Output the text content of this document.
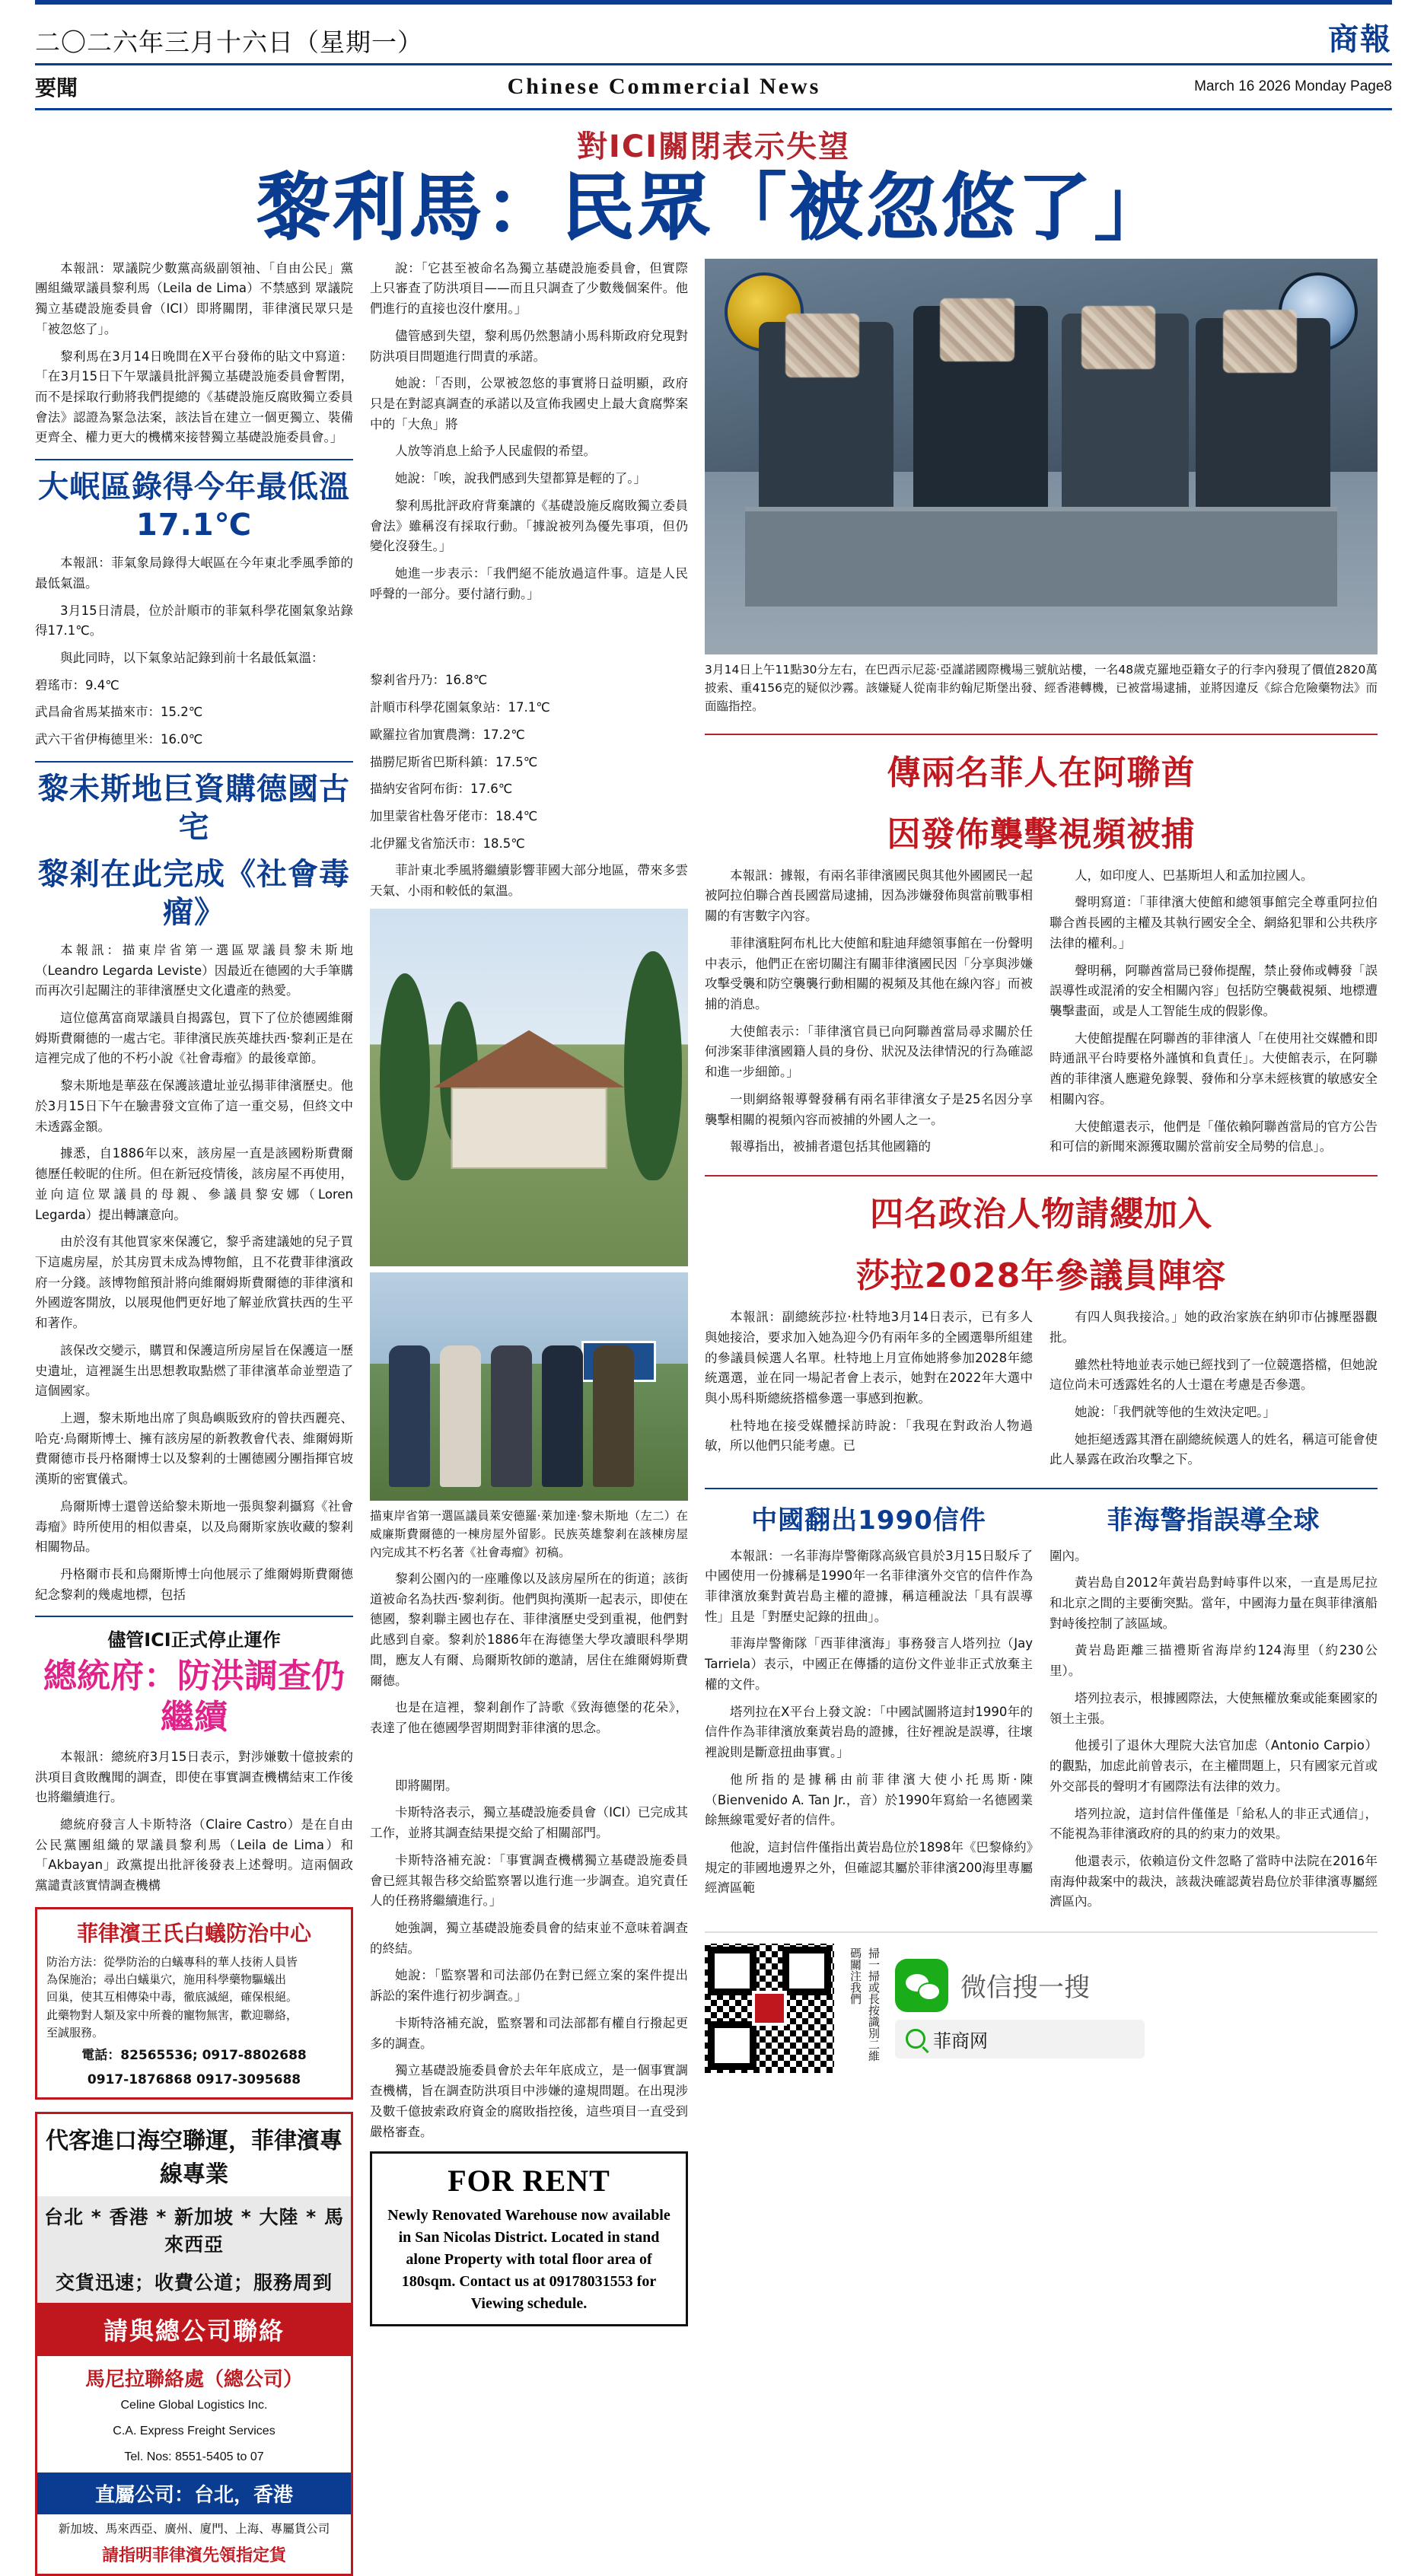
二〇二六年三月十六日（星期一）	商報
要聞	Chinese Commercial News	March 16 2026 Monday Page8
對ICI關閉表示失望
黎利馬：民眾「被忽悠了」

本報訊：眾議院少數黨高級副領袖、「自由公民」黨團組織眾議員黎利馬（Leila de Lima）不禁感到 眾議院獨立基礎設施委員會（ICI）即將關閉，菲律濱民眾只是「被忽悠了」。

黎利馬在3月14日晚間在X平台發佈的貼文中寫道：「在3月15日下午眾議員批評獨立基礎設施委員會暫閉，而不是採取行動將我們提總的《基礎設施反腐敗獨立委員會法》認證為緊急法案，該法旨在建立一個更獨立、裝備更齊全、權力更大的機構來接替獨立基礎設施委員會。」

大岷區錄得今年最低溫17.1℃

本報訊：菲氣象局錄得大岷區在今年東北季風季節的最低氣溫。

3月15日清晨，位於計順市的菲氣科學花園氣象站錄得17.1℃。

與此同時，以下氣象站記錄到前十名最低氣溫：

碧瑤市：9.4℃

武昌侖省馬某描來市：15.2℃

武六干省伊梅德里米：16.0℃

黎未斯地巨資購德國古宅
黎剎在此完成《社會毒瘤》

本報訊：描東岸省第一選區眾議員黎未斯地（Leandro Legarda Leviste）因最近在德國的大手筆購而再次引起關注的菲律濱歷史文化遺產的熱愛。

這位億萬富商眾議員自揭露包，買下了位於德國維爾姆斯費爾德的一處古宅。菲律濱民族英雄扶西‧黎剎正是在這裡完成了他的不朽小說《社會毒瘤》的最後章節。

黎未斯地是華茲在保護該遺址並弘揚菲律濱歷史。他於3月15日下午在驗書發文宣佈了這一重交易，但終文中未透露金額。

據悉，自1886年以來，該房屋一直是該國粉斯費爾德歷任較昵的住所。但在新冠疫情後，該房屋不再使用，並向這位眾議員的母親、參議員黎安娜（Loren Legarda）提出轉讓意向。

由於沒有其他買家來保護它，黎乎斋建議她的兒子買下這處房屋，於其房買未成為博物館，且不花費菲律濱政府一分錢。該博物館預計將向維爾姆斯費爾德的菲律濱和外國遊客開放，以展現他們更好地了解並欣賞扶西的生平和著作。

該保改交變示，購買和保護這所房屋旨在保護這一歷史遺址，這裡誕生出思想教取點燃了菲律濱革命並塑造了這個國家。

上週，黎未斯地出席了與島嶼販致府的曾扶西麗亮、哈克‧烏爾斯博士、擁有該房屋的新教教會代表、維爾姆斯費爾德市長丹格爾博士以及黎剎的士團德國分團指揮官坡漢斯的密實儀式。

烏爾斯博士還曾送給黎未斯地一張與黎剎攝寫《社會毒瘤》時所使用的相似書桌，以及烏爾斯家族收藏的黎剎相關物品。

丹格爾市長和烏爾斯博士向他展示了維爾姆斯費爾德紀念黎剎的幾處地標，包括

儘管ICI正式停止運作
總統府：防洪調查仍繼續

本報訊：總統府3月15日表示，對涉嫌數十億披索的洪項目貪敗醜聞的調查，即使在事實調查機構結束工作後也將繼續進行。

總統府發言人卡斯特洛（Claire Castro）是在自由公民黨團組織的眾議員黎利馬（Leila de Lima）和「Akbayan」政黨提出批評後發表上述聲明。這兩個政黨譴責該實情調查機構

菲律濱王氏白蟻防治中心
防治方法：從學防治的白蟻專科的華人技術人員皆
為保施治；尋出白蟻巢穴，施用科學藥物驅蟻出
回巢，使其互相傳染中毒，徹底滅絕，確保根絕。
此藥物對人類及家中所養的寵物無害，歡迎聯絡，
至誠服務。
電話：82565536; 0917-8802688
0917-1876868 0917-3095688
代客進口海空聯運，菲律濱專線專業
台北 * 香港 * 新加坡 * 大陸 * 馬來西亞
交貨迅速；收費公道；服務周到
請與總公司聯絡
馬尼拉聯絡處（總公司）
Celine Global Logistics Inc.
C.A. Express Freight Services
Tel. Nos: 8551-5405 to 07
直屬公司：台北，香港
新加坡、馬來西亞、廣州、廈門、上海、專屬貨公司
請指明菲律濱先領指定貨

說：「它甚至被命名為獨立基礎設施委員會，但實際上只審查了防洪項目——而且只調查了少數幾個案件。他們進行的直接也沒什麼用。」

儘管感到失望，黎利馬仍然懇請小馬科斯政府兌現對防洪項目問題進行問責的承諾。

她說：「否則，公眾被忽悠的事實將日益明顯，政府只是在對認真調查的承諾以及宣佈我國史上最大貪腐弊案中的「大魚」將

人放等消息上給予人民虛假的希望。

她說：「唉，說我們感到失望都算是輕的了。」

黎利馬批評政府背棄讓的《基礎設施反腐敗獨立委員會法》雖稱沒有採取行動。「據說被列為優先事項，但仍變化沒發生。」

她進一步表示：「我們絕不能放過這件事。這是人民呼聲的一部分。要付諸行動。」

黎剎省丹乃：16.8℃

計順市科學花園氣象站：17.1℃

歐羅拉省加實農灣：17.2℃

描朥尼斯省巴斯科鎮：17.5℃

描納安省阿布街：17.6℃

加里蒙省杜魯牙佬市：18.4℃

北伊羅戈省笳沃市：18.5℃

菲計東北季風將繼續影響菲國大部分地區，帶來多雲天氣、小雨和較低的氣溫。

描東岸省第一選區議員萊安德羅‧萊加達‧黎未斯地（左二）在威廉斯費爾德的一棟房屋外留影。民族英雄黎剎在該棟房屋內完成其不朽名著《社會毒瘤》初稿。

黎剎公園內的一座雕像以及該房屋所在的街道；該街道被命名為扶西‧黎剎街。他們與拘漢斯一起表示，即使在德國，黎剎聯主國也存在、菲律濱歷史受到重視，他們對此感到自豪。黎剎於1886年在海德堡大學攻讀眼科學期間，應友人有爾、烏爾斯牧師的邀請，居住在維爾姆斯費爾德。

也是在這裡，黎剎創作了詩歌《致海德堡的花朵》，表達了他在德國學習期間對菲律濱的思念。

即將關閉。

卡斯特洛表示，獨立基礎設施委員會（ICI）已完成其工作，並將其調查結果提交給了相關部門。

卡斯特洛補充說：「事實調查機構獨立基礎設施委員會已經其報告移交給監察署以進行進一步調查。追究責任人的任務將繼續進行。」

她強調，獨立基礎設施委員會的結束並不意味着調查的終結。

她說：「監察署和司法部仍在對已經立案的案件提出訴訟的案件進行初步調查。」

卡斯特洛補充說，監察署和司法部都有權自行撥起更多的調查。

獨立基礎設施委員會於去年年底成立，是一個事實調查機構，旨在調查防洪項目中涉嫌的違規問題。在出現涉及數千億披索政府資金的腐敗指控後，這些項目一直受到嚴格審查。

FOR RENT
Newly Renovated Warehouse now available in San Nicolas District. Located in stand alone Property with total floor area of 180sqm. Contact us at 09178031553 for Viewing schedule.
3月14日上午11點30分左右，在巴西示尼蕊‧亞謹諾國際機場三號航站樓，一名48歲克羅地亞籍女子的行李內發現了價值2820萬披索、重4156克的疑似沙霧。該嫌疑人從南非約翰尼斯堡出發、經香港轉機，已被當場逮捕，並將因違反《綜合危險藥物法》而面臨指控。
傳兩名菲人在阿聯酋
因發佈襲擊視頻被捕

本報訊：據報，有兩名菲律濱國民與其他外國國民一起被阿拉伯聯合酋長國當局逮捕，因為涉嫌發佈與當前戰事相關的有害數字內容。

菲律濱駐阿布札比大使館和駐迪拜總領事館在一份聲明中表示，他們正在密切關注有關菲律濱國民因「分享與涉嫌攻擊受襲和防空襲襲行動相關的視頻及其他在線內容」而被捕的消息。

大使館表示：「菲律濱官員已向阿聯酋當局尋求關於任何涉案菲律濱國籍人員的身份、狀況及法律情況的行為確認和進一步細節。」

一則網絡報導聲發稱有兩名菲律濱女子是25名因分享襲擊相關的視頻內容而被捕的外國人之一。

報導指出，被捕者還包括其他國籍的

人，如印度人、巴基斯坦人和孟加拉國人。

聲明寫道：「菲律濱大使館和總領事館完全尊重阿拉伯聯合酋長國的主權及其執行國安全全、網絡犯罪和公共秩序法律的權利。」

聲明稱，阿聯酋當局已發佈提醒，禁止發佈或轉發「誤誤導性或混淆的安全相關內容」包括防空襲截視頻、地標遭襲擊畫面，或是人工智能生成的假影像。

大使館提醒在阿聯酋的菲律濱人「在使用社交媒體和即時通訊平台時要格外謹慎和負責任」。大使館表示，在阿聯酋的菲律濱人應避免錄製、發佈和分享未經核實的敏感安全相關內容。

大使館還表示，他們是「僅依賴阿聯酋當局的官方公告和可信的新聞來源獲取關於當前安全局勢的信息」。

四名政治人物請纓加入
莎拉2028年參議員陣容

本報訊：副總統莎拉‧杜特地3月14日表示，已有多人與她接洽，要求加入她為迎今仍有兩年多的全國選舉所組建的參議員候選人名單。杜特地上月宣佈她將參加2028年總統選選，並在同一場記者會上表示，她對在2022年大選中與小馬科斯總統搭檔參選一事感到抱歉。

杜特地在接受媒體採訪時說：「我現在對政治人物過敏，所以他們只能考慮。已

有四人與我接洽。」她的政治家族在納卯市佔據壓器觀批。

雖然杜特地並表示她已經找到了一位競選搭檔，但她說這位尚未可透露姓名的人士還在考慮是否參選。

她說：「我們就等他的生效決定吧。」

她拒絕透露其潛在副總統候選人的姓名，稱這可能會使此人暴露在政治攻擊之下。

中國翻出1990信件

本報訊：一名菲海岸警衛隊高級官員於3月15日駁斥了中國使用一份據稱是1990年一名菲律濱外交官的信件作為菲律濱放棄對黃岩島主權的證據，稱這種說法「具有誤導性」且是「對歷史記錄的扭曲」。

菲海岸警衛隊「西菲律濱海」事務發言人塔列拉（Jay Tarriela）表示，中國正在傳播的這份文件並非正式放棄主權的文件。

塔列拉在X平台上發文說：「中國試圖將這封1990年的信件作為菲律濱放棄黃岩島的證據，往好裡說是誤導，往壞裡說則是斷意扭曲事實。」

他所指的是據稱由前菲律濱大使小托馬斯‧陳（Bienvenido A. Tan Jr.，音）於1990年寫給一名德國業餘無線電愛好者的信件。

他說，這封信件僅指出黃岩島位於1898年《巴黎條約》規定的菲國地邊界之外，但確認其屬於菲律濱200海里專屬經濟區範

菲海警指誤導全球

圍內。

黃岩島自2012年黃岩島對峙事件以來，一直是馬尼拉和北京之間的主要衝突點。當年，中國海力量在與菲律濱船對峙後控制了該區域。

黃岩島距離三描禮斯省海岸約124海里（約230公里）。

塔列拉表示，根據國際法，大使無權放棄或能棄國家的領土主張。

他援引了退休大理院大法官加虑（Antonio Carpio）的觀點，加虑此前曾表示，在主權問題上，只有國家元首或外交部長的聲明才有國際法有法律的效力。

塔列拉說，這封信件僅僅是「給私人的非正式通信」，不能視為菲律濱政府的具的約束力的效果。

他還表示，依賴這份文件忽略了當時中法院在2016年南海仲裁案中的裁決，該裁決確認黃岩島位於菲律濱專屬經濟區內。

掃一掃或長按識別二維碼關注我們	微信搜一搜
菲商网
